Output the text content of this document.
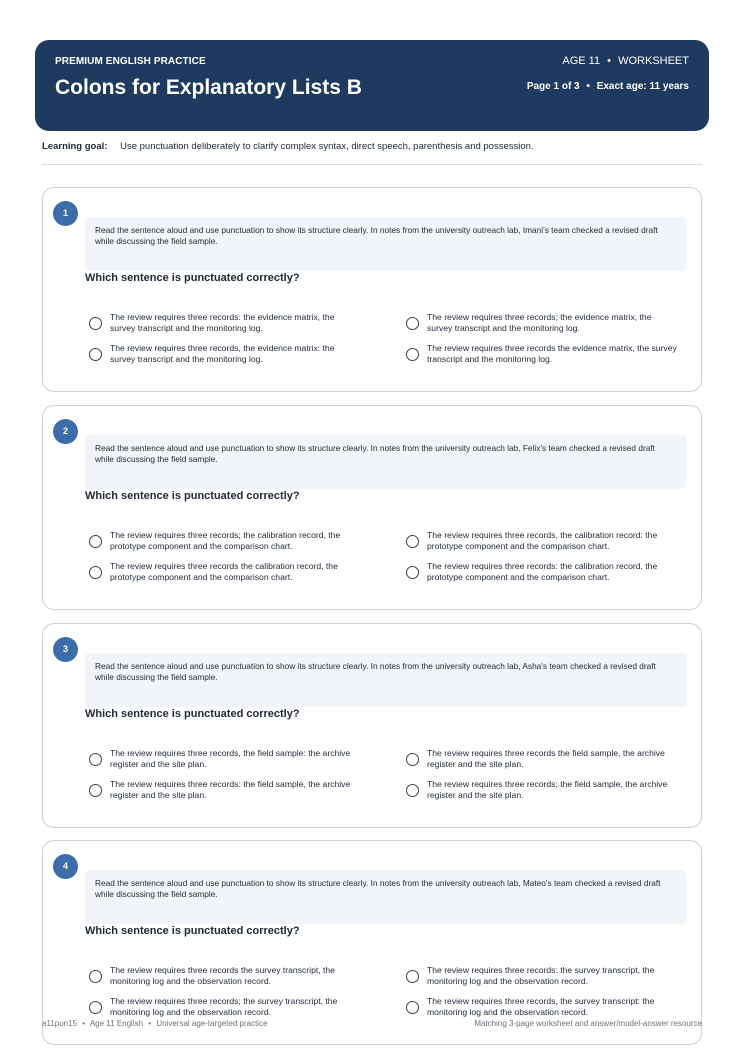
PREMIUM ENGLISH PRACTICE
Colons for Explanatory Lists B
AGE 11 • WORKSHEET
Page 1 of 3 • Exact age: 11 years
Learning goal: Use punctuation deliberately to clarify complex syntax, direct speech, parenthesis and possession.
1
Read the sentence aloud and use punctuation to show its structure clearly. In notes from the university outreach lab, Imani's team checked a revised draft while discussing the field sample.
Which sentence is punctuated correctly?
The review requires three records: the evidence matrix, the survey transcript and the monitoring log.
The review requires three records; the evidence matrix, the survey transcript and the monitoring log.
The review requires three records, the evidence matrix: the survey transcript and the monitoring log.
The review requires three records the evidence matrix, the survey transcript and the monitoring log.
2
Read the sentence aloud and use punctuation to show its structure clearly. In notes from the university outreach lab, Felix's team checked a revised draft while discussing the field sample.
Which sentence is punctuated correctly?
The review requires three records; the calibration record, the prototype component and the comparison chart.
The review requires three records, the calibration record: the prototype component and the comparison chart.
The review requires three records the calibration record, the prototype component and the comparison chart.
The review requires three records: the calibration record, the prototype component and the comparison chart.
3
Read the sentence aloud and use punctuation to show its structure clearly. In notes from the university outreach lab, Asha's team checked a revised draft while discussing the field sample.
Which sentence is punctuated correctly?
The review requires three records, the field sample: the archive register and the site plan.
The review requires three records the field sample, the archive register and the site plan.
The review requires three records: the field sample, the archive register and the site plan.
The review requires three records; the field sample, the archive register and the site plan.
4
Read the sentence aloud and use punctuation to show its structure clearly. In notes from the university outreach lab, Mateo's team checked a revised draft while discussing the field sample.
Which sentence is punctuated correctly?
The review requires three records the survey transcript, the monitoring log and the observation record.
The review requires three records: the survey transcript, the monitoring log and the observation record.
The review requires three records; the survey transcript, the monitoring log and the observation record.
The review requires three records, the survey transcript: the monitoring log and the observation record.
a11pun15 • Age 11 English • Universal age-targeted practice	Matching 3-page worksheet and answer/model-answer resource
